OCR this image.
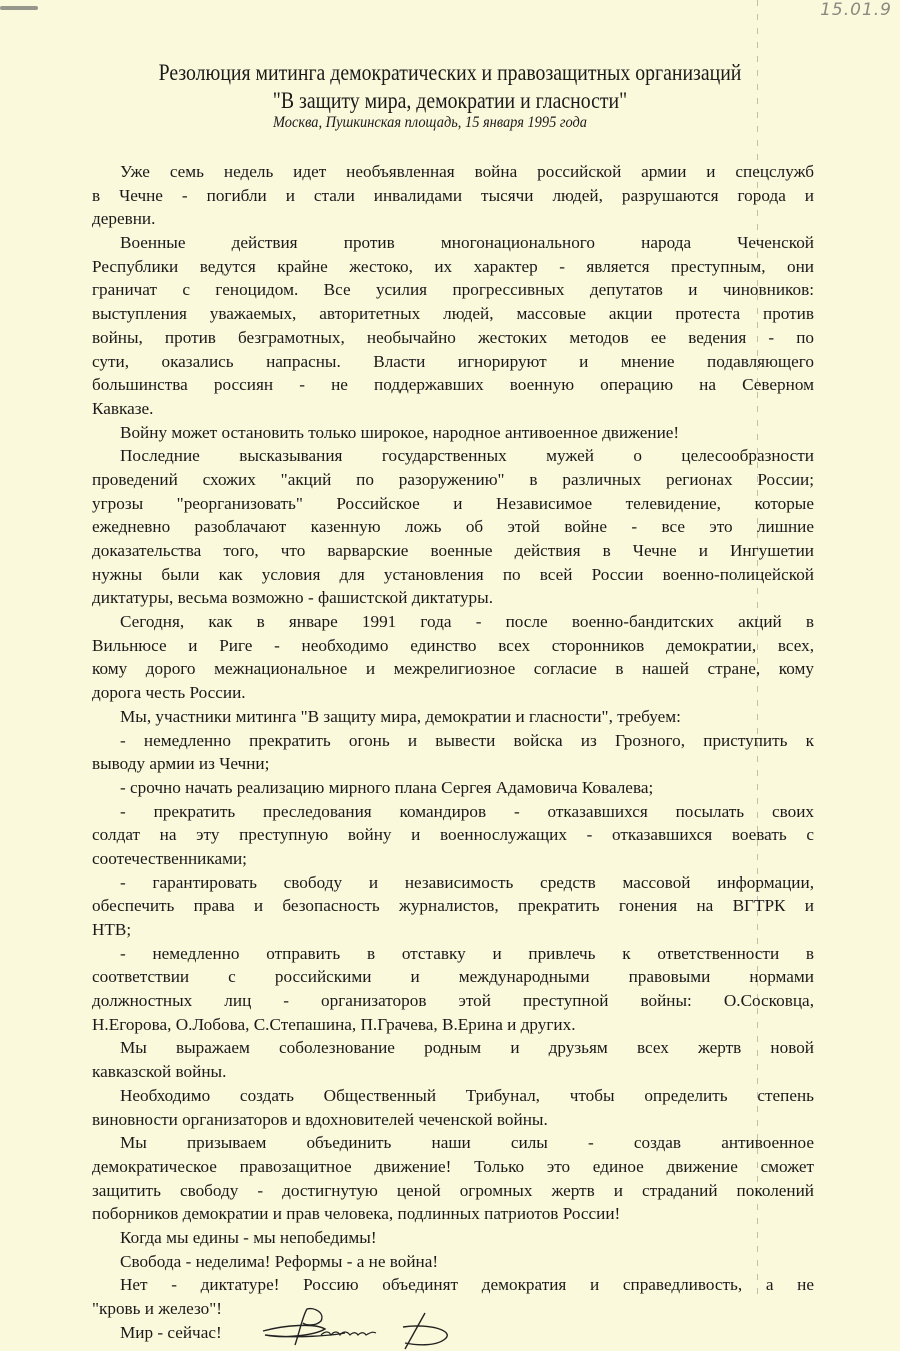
15.01.9
Резолюция митинга демократических и правозащитных организаций
"В защиту мира, демократии и гласности"
Москва, Пушкинская площадь, 15 января 1995 года
Уже семь недель идет необъявленная война российской армии и спецслужб
в Чечне - погибли и стали инвалидами тысячи людей, разрушаются города и
деревни.
Военные действия против многонационального народа Чеченской
Республики ведутся крайне жестоко, их характер - является преступным, они
граничат с геноцидом. Все усилия прогрессивных депутатов и чиновников:
выступления уважаемых, авторитетных людей, массовые акции протеста против
войны, против безграмотных, необычайно жестоких методов ее ведения - по
сути, оказались напрасны. Власти игнорируют и мнение подавляющего
большинства россиян - не поддержавших военную операцию на Северном
Кавказе.
Войну может остановить только широкое, народное антивоенное движение!
Последние высказывания государственных мужей о целесообразности
проведений схожих "акций по разоружению" в различных регионах России;
угрозы "реорганизовать" Российское и Независимое телевидение, которые
ежедневно разоблачают казенную ложь об этой войне - все это лишние
доказательства того, что варварские военные действия в Чечне и Ингушетии
нужны были как условия для установления по всей России военно-полицейской
диктатуры, весьма возможно - фашистской диктатуры.
Сегодня, как в январе 1991 года - после военно-бандитских акций в
Вильнюсе и Риге - необходимо единство всех сторонников демократии, всех,
кому дорого межнациональное и межрелигиозное согласие в нашей стране, кому
дорога честь России.
Мы, участники митинга "В защиту мира, демократии и гласности", требуем:
- немедленно прекратить огонь и вывести войска из Грозного, приступить к
выводу армии из Чечни;
- срочно начать реализацию мирного плана Сергея Адамовича Ковалева;
- прекратить преследования командиров - отказавшихся посылать своих
солдат на эту преступную войну и военнослужащих - отказавшихся воевать с
соотечественниками;
- гарантировать свободу и независимость средств массовой информации,
обеспечить права и безопасность журналистов, прекратить гонения на ВГТРК и
НТВ;
- немедленно отправить в отставку и привлечь к ответственности в
соответствии с российскими и международными правовыми нормами
должностных лиц - организаторов этой преступной войны: О.Сосковца,
Н.Егорова, О.Лобова, С.Степашина, П.Грачева, В.Ерина и других.
Мы выражаем соболезнование родным и друзьям всех жертв новой
кавказской войны.
Необходимо создать Общественный Трибунал, чтобы определить степень
виновности организаторов и вдохновителей чеченской войны.
Мы призываем объединить наши силы - создав антивоенное
демократическое правозащитное движение! Только это единое движение сможет
защитить свободу - достигнутую ценой огромных жертв и страданий поколений
поборников демократии и прав человека, подлинных патриотов России!
Когда мы едины - мы непобедимы!
Свобода - неделима! Реформы - а не война!
Нет - диктатуре! Россию объединят демократия и справедливость, а не
"кровь и железо"!
Мир - сейчас!
